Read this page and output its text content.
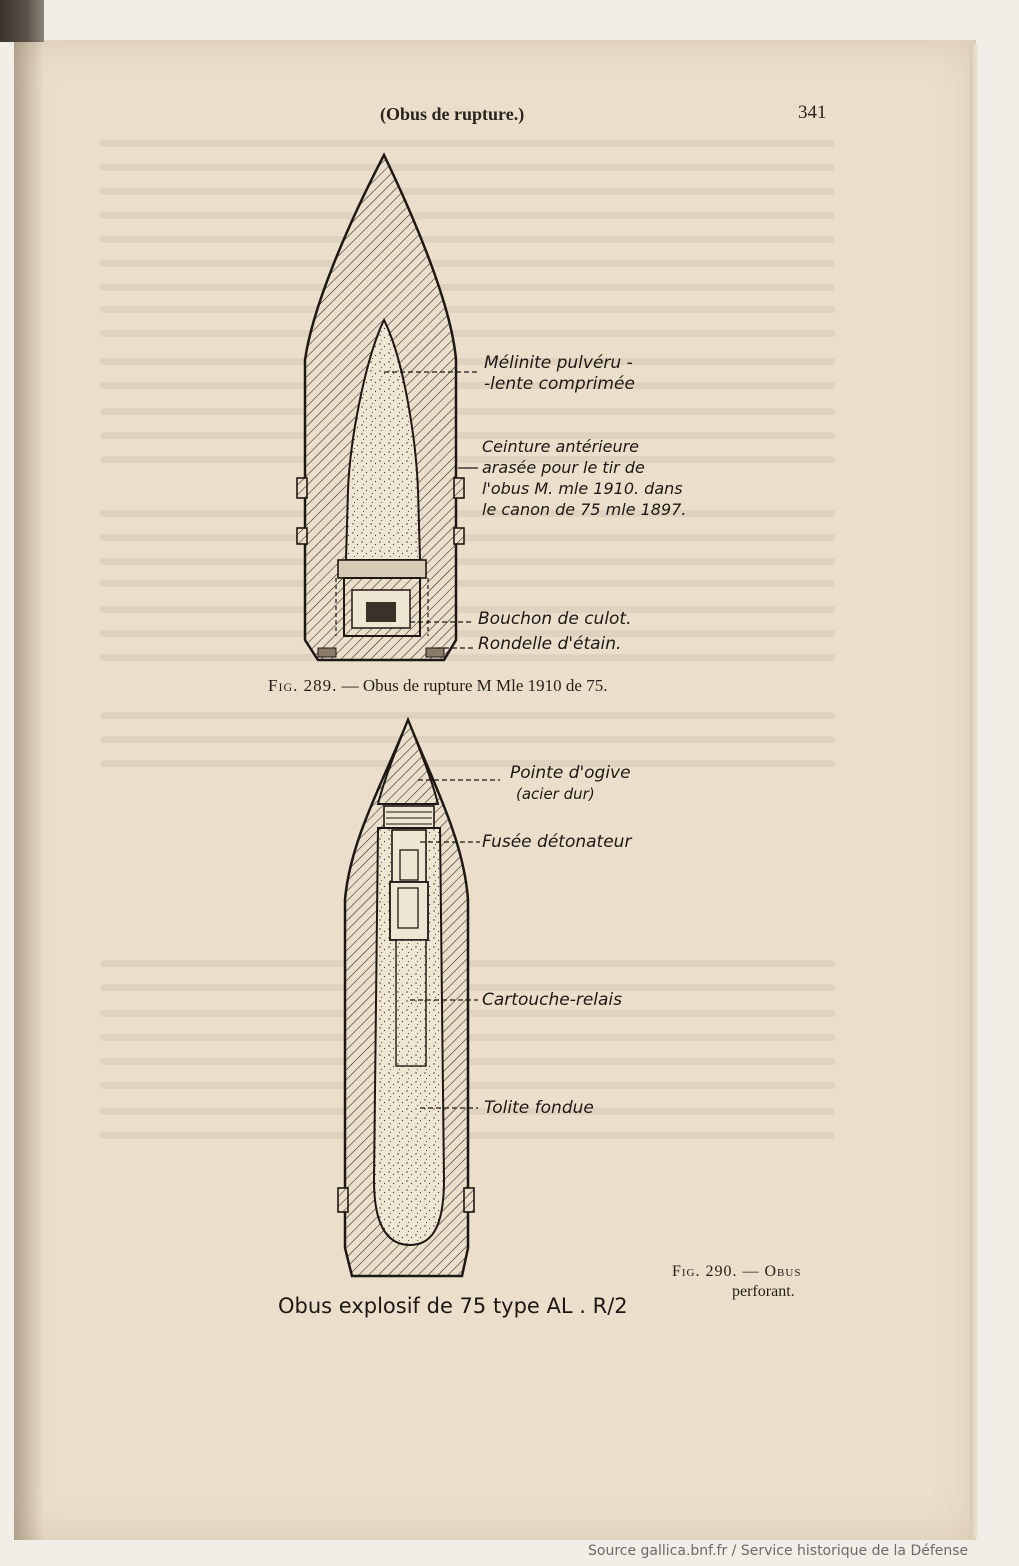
(Obus de rupture.)	341
Mélinite pulvéru -
-lente comprimée
Ceinture antérieure
arasée pour le tir de
l'obus M. mle 1910. dans
le canon de 75 mle 1897.
Bouchon de culot.
Rondelle d'étain.
Fig. 289. — Obus de rupture M Mle 1910 de 75.
Pointe d'ogive
(acier dur)
Fusée détonateur
Cartouche-relais
Tolite fondue
Obus explosif de 75 type AL . R/2
Fig. 290. — Obus
perforant.
Source gallica.bnf.fr / Service historique de la Défense
